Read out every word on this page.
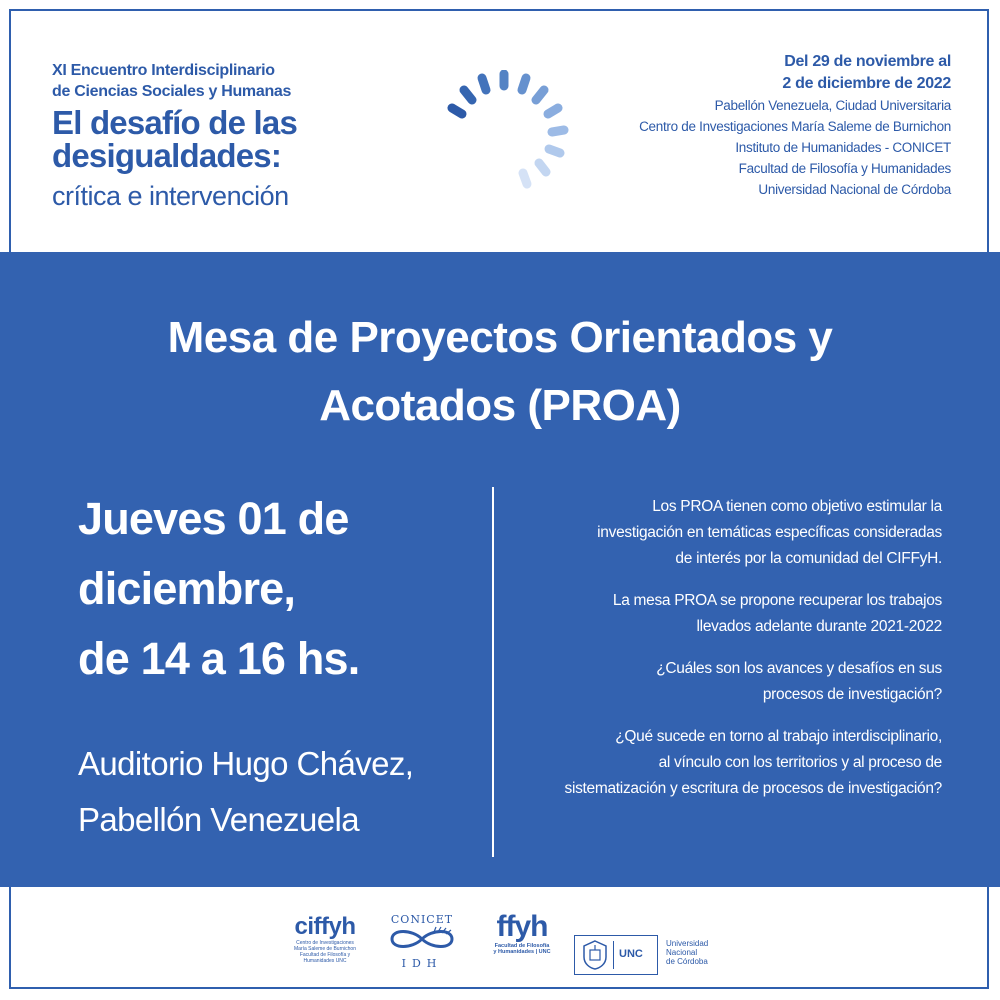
XI Encuentro Interdisciplinario
de Ciencias Sociales y Humanas
El desafío de las
desigualdades:
crítica e intervención
Del 29 de noviembre al
2 de diciembre de 2022
Pabellón Venezuela, Ciudad Universitaria
Centro de Investigaciones María Saleme de Burnichon
Instituto de Humanidades - CONICET
Facultad de Filosofía y Humanidades
Universidad Nacional de Córdoba
Mesa de Proyectos Orientados y
Acotados (PROA)
Jueves 01 de
diciembre,
de 14 a 16 hs.
Auditorio Hugo Chávez,
Pabellón Venezuela

Los PROA tienen como objetivo estimular la
investigación en temáticas específicas consideradas
de interés por la comunidad del CIFFyH.

La mesa PROA se propone recuperar los trabajos
llevados adelante durante 2021-2022

¿Cuáles son los avances y desafíos en sus
procesos de investigación?

¿Qué sucede en torno al trabajo interdisciplinario,
al vínculo con los territorios y al proceso de
sistematización y escritura de procesos de investigación?

ciffyh
Centro de Investigaciones
María Saleme de Burnichon
Facultad de Filosofía y Humanidades UNC
CONICET
IDH
ffyh
Facultad de Filosofía
y Humanidades | UNC	UNC
Universidad
Nacional
de Córdoba
